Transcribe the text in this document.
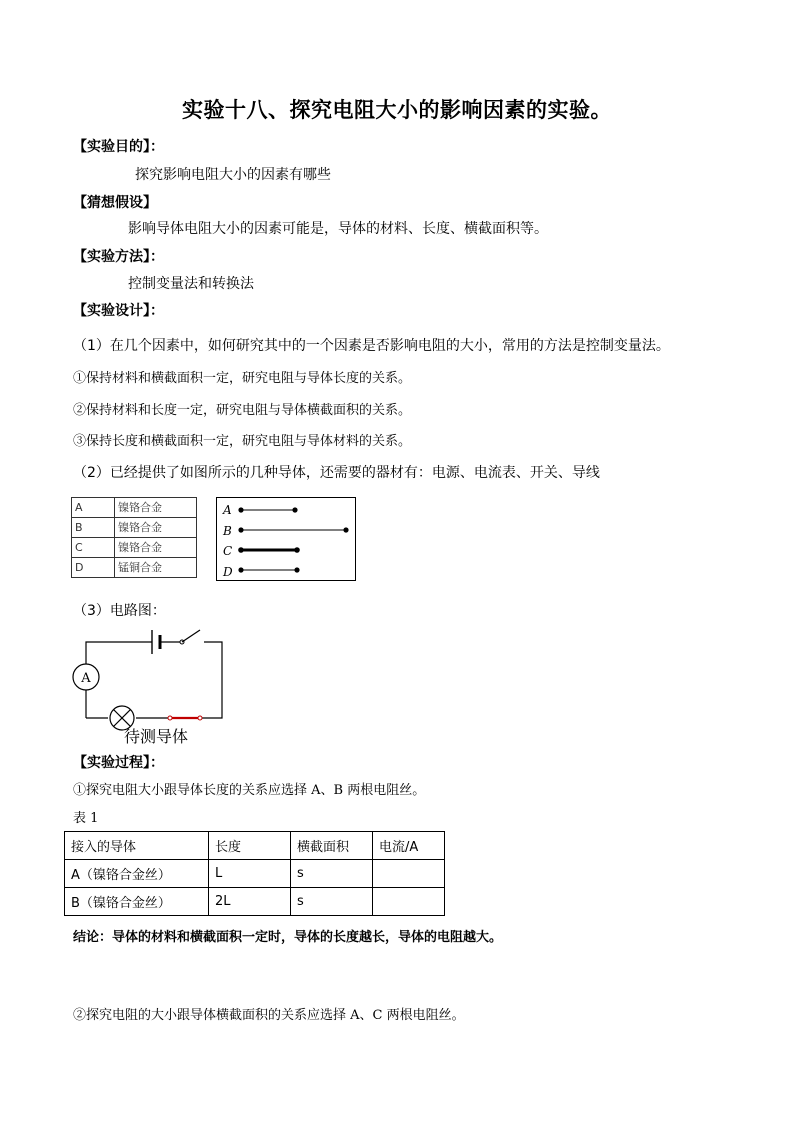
实验十八、探究电阻大小的影响因素的实验。
【实验目的】：
探究影响电阻大小的因素有哪些
【猜想假设】
影响导体电阻大小的因素可能是，导体的材料、长度、横截面积等。
【实验方法】：
控制变量法和转换法
【实验设计】：
（1）在几个因素中，如何研究其中的一个因素是否影响电阻的大小，常用的方法是控制变量法。
①保持材料和横截面积一定，研究电阻与导体长度的关系。
②保持材料和长度一定，研究电阻与导体横截面积的关系。
③保持长度和横截面积一定，研究电阻与导体材料的关系。
（2）已经提供了如图所示的几种导体，还需要的器材有：电源、电流表、开关、导线
A	镍铬合金
B	镍铬合金
C	镍铬合金
D	锰铜合金
A
B
C
D
（3）电路图：
A
待测导体
【实验过程】：
①探究电阻大小跟导体长度的关系应选择 A、B 两根电阻丝。
表 1
接入的导体	长度	横截面积	电流/A
A（镍铬合金丝）	L	s	
B（镍铬合金丝）	2L	s	
结论：导体的材料和横截面积一定时，导体的长度越长，导体的电阻越大。
②探究电阻的大小跟导体横截面积的关系应选择 A、C 两根电阻丝。
